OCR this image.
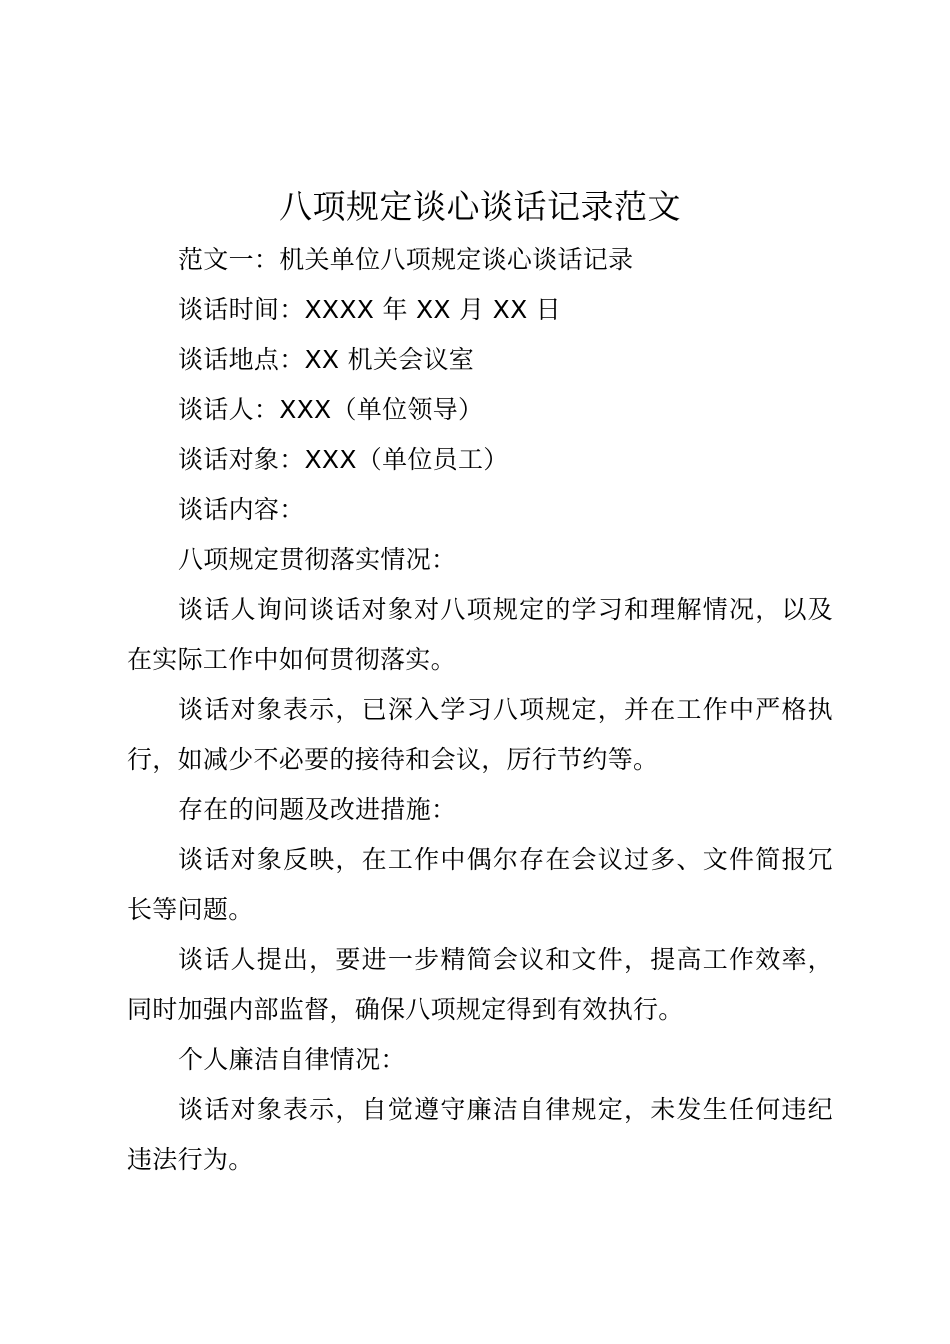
八项规定谈心谈话记录范文

范文一：机关单位八项规定谈心谈话记录

谈话时间：XXXX 年 XX 月 XX 日

谈话地点：XX 机关会议室

谈话人：XXX（单位领导）

谈话对象：XXX（单位员工）

谈话内容：

八项规定贯彻落实情况：

谈话人询问谈话对象对八项规定的学习和理解情况，以及在实际工作中如何贯彻落实。

谈话对象表示，已深入学习八项规定，并在工作中严格执行，如减少不必要的接待和会议，厉行节约等。

存在的问题及改进措施：

谈话对象反映，在工作中偶尔存在会议过多、文件简报冗长等问题。

谈话人提出，要进一步精简会议和文件，提高工作效率，同时加强内部监督，确保八项规定得到有效执行。

个人廉洁自律情况：

谈话对象表示，自觉遵守廉洁自律规定，未发生任何违纪违法行为。
